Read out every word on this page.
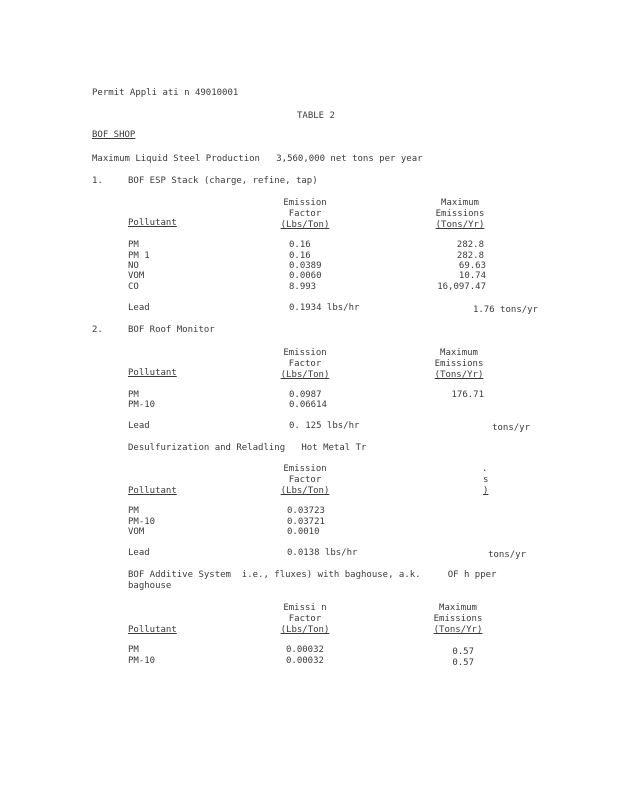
Permit Appli ati n 49010001
TABLE 2
BOF SHOP
Maximum Liquid Steel Production   3,560,000 net tons per year
1.	BOF ESP Stack (charge, refine, tap)
Emission
Factor
(Lbs/Ton)
Maximum
Emissions
(Tons/Yr)
Pollutant
PM	0.16	282.8
PM 1	0.16	282.8
NO	0.0389	69.63
VOM	0.0060	10.74
CO	8.993	16,097.47
Lead	0.1934 lbs/hr	1.76 tons/yr
2.	BOF Roof Monitor
Emission
Factor
(Lbs/Ton)
Maximum
Emissions
(Tons/Yr)
Pollutant
PM	0.0987	176.71
PM-10	0.06614
Lead	0. 125 lbs/hr	tons/yr
Desulfurization and Reladling   Hot Metal Tr
Emission
Factor
(Lbs/Ton)
.
s
)
Pollutant
PM	0.03723
PM-10	0.03721
VOM	0.0010
Lead	0.0138 lbs/hr	tons/yr
BOF Additive System  i.e., fluxes) with baghouse, a.k.     OF h pper
baghouse
Emissi n
Factor
(Lbs/Ton)
Maximum
Emissions
(Tons/Yr)
Pollutant
PM	0.00032	0.57
PM-10	0.00032	0.57
